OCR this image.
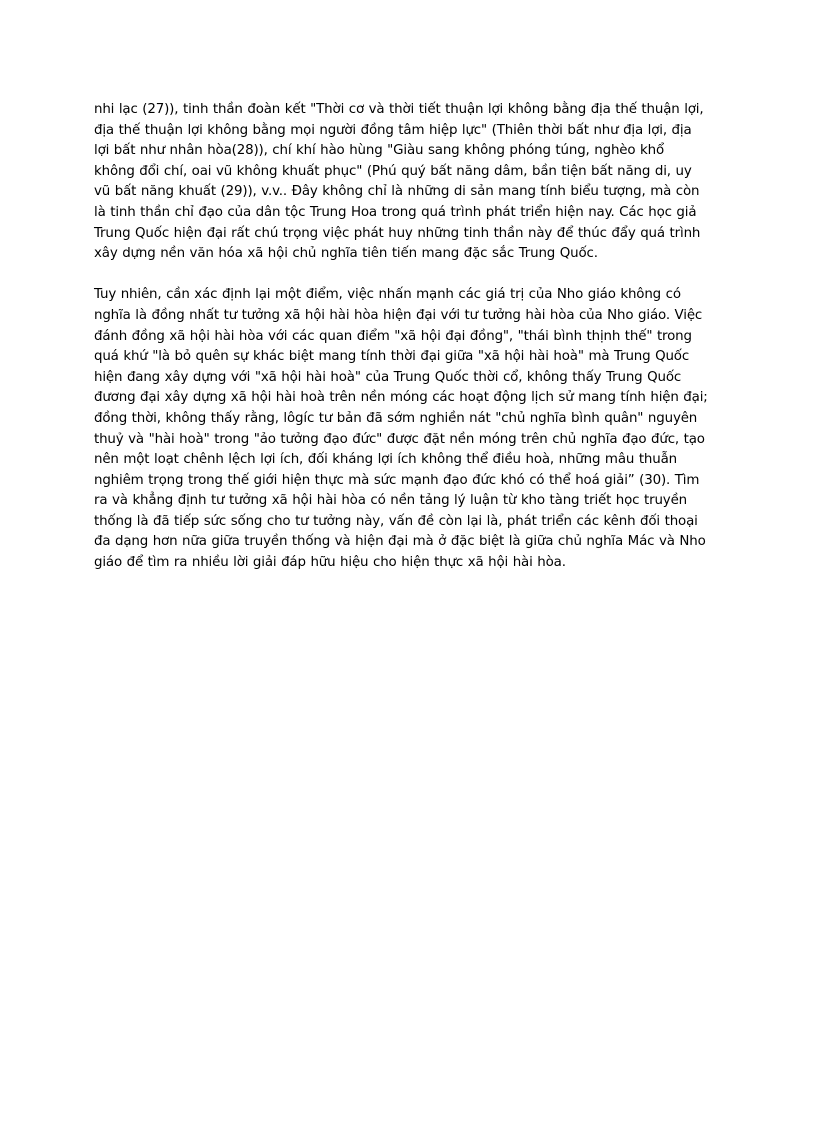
nhi lạc (27)), tinh thần đoàn kết "Thời cơ và thời tiết thuận lợi không bằng địa thế thuận lợi,
địa thế thuận lợi không bằng mọi người đồng tâm hiệp lực" (Thiên thời bất như địa lợi, địa
lợi bất như nhân hòa(28)), chí khí hào hùng "Giàu sang không phóng túng, nghèo khổ
không đổi chí, oai vũ không khuất phục" (Phú quý bất năng dâm, bần tiện bất năng di, uy
vũ bất năng khuất (29)), v.v.. Đây không chỉ là những di sản mang tính biểu tượng, mà còn
là tinh thần chỉ đạo của dân tộc Trung Hoa trong quá trình phát triển hiện nay. Các học giả
Trung Quốc hiện đại rất chú trọng việc phát huy những tinh thần này để thúc đẩy quá trình
xây dựng nền văn hóa xã hội chủ nghĩa tiên tiến mang đặc sắc Trung Quốc.

Tuy nhiên, cần xác định lại một điểm, việc nhấn mạnh các giá trị của Nho giáo không có
nghĩa là đồng nhất tư tưởng xã hội hài hòa hiện đại với tư tưởng hài hòa của Nho giáo. Việc
đánh đồng xã hội hài hòa với các quan điểm "xã hội đại đồng", "thái bình thịnh thế" trong
quá khứ "là bỏ quên sự khác biệt mang tính thời đại giữa "xã hội hài hoà" mà Trung Quốc
hiện đang xây dựng với "xã hội hài hoà" của Trung Quốc thời cổ, không thấy Trung Quốc
đương đại xây dựng xã hội hài hoà trên nền móng các hoạt động lịch sử mang tính hiện đại;
đồng thời, không thấy rằng, lôgíc tư bản đã sớm nghiền nát "chủ nghĩa bình quân" nguyên
thuỷ và "hài hoà" trong "ảo tưởng đạo đức" được đặt nền móng trên chủ nghĩa đạo đức, tạo
nên một loạt chênh lệch lợi ích, đối kháng lợi ích không thể điều hoà, những mâu thuẫn
nghiêm trọng trong thế giới hiện thực mà sức mạnh đạo đức khó có thể hoá giải” (30). Tìm
ra và khẳng định tư tưởng xã hội hài hòa có nền tảng lý luận từ kho tàng triết học truyền
thống là đã tiếp sức sống cho tư tưởng này, vấn đề còn lại là, phát triển các kênh đối thoại
đa dạng hơn nữa giữa truyền thống và hiện đại mà ở đặc biệt là giữa chủ nghĩa Mác và Nho
giáo để tìm ra nhiều lời giải đáp hữu hiệu cho hiện thực xã hội hài hòa.
